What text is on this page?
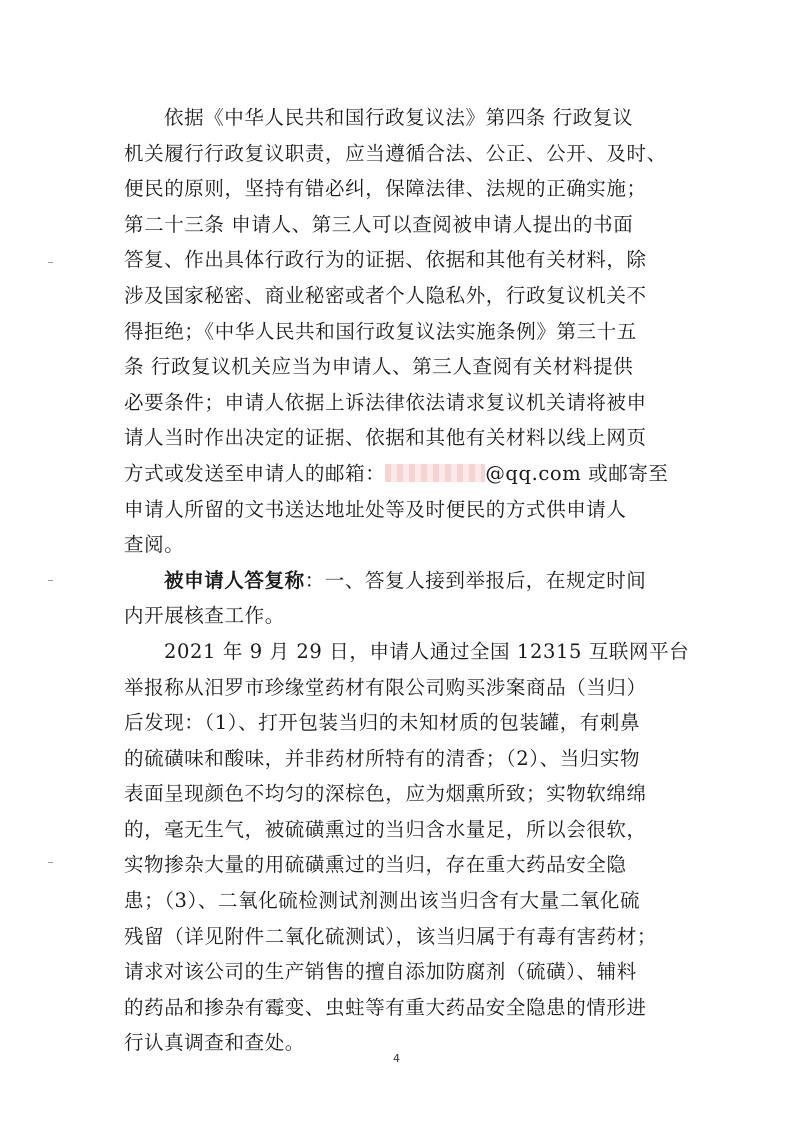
依据《中华人民共和国行政复议法》第四条 行政复议
机关履行行政复议职责，应当遵循合法、公正、公开、及时、
便民的原则，坚持有错必纠，保障法律、法规的正确实施；
第二十三条 申请人、第三人可以查阅被申请人提出的书面
答复、作出具体行政行为的证据、依据和其他有关材料，除
涉及国家秘密、商业秘密或者个人隐私外，行政复议机关不
得拒绝；《中华人民共和国行政复议法实施条例》第三十五
条 行政复议机关应当为申请人、第三人查阅有关材料提供
必要条件；申请人依据上诉法律依法请求复议机关请将被申
请人当时作出决定的证据、依据和其他有关材料以线上网页
方式或发送至申请人的邮箱：	@qq.com 或邮寄至
申请人所留的文书送达地址处等及时便民的方式供申请人
查阅。
被申请人答复称：一、答复人接到举报后，在规定时间
内开展核查工作。
2021 年 9 月 29 日，申请人通过全国 12315 互联网平台
举报称从汨罗市珍缘堂药材有限公司购买涉案商品（当归）
后发现：（1）、打开包装当归的未知材质的包装罐，有刺鼻
的硫磺味和酸味，并非药材所特有的清香；（2）、当归实物
表面呈现颜色不均匀的深棕色，应为烟熏所致；实物软绵绵
的，毫无生气，被硫磺熏过的当归含水量足，所以会很软，
实物掺杂大量的用硫磺熏过的当归，存在重大药品安全隐
患；（3）、二氧化硫检测试剂测出该当归含有大量二氧化硫
残留（详见附件二氧化硫测试），该当归属于有毒有害药材；
请求对该公司的生产销售的擅自添加防腐剂（硫磺）、辅料
的药品和掺杂有霉变、虫蛀等有重大药品安全隐患的情形进
行认真调查和查处。
4
